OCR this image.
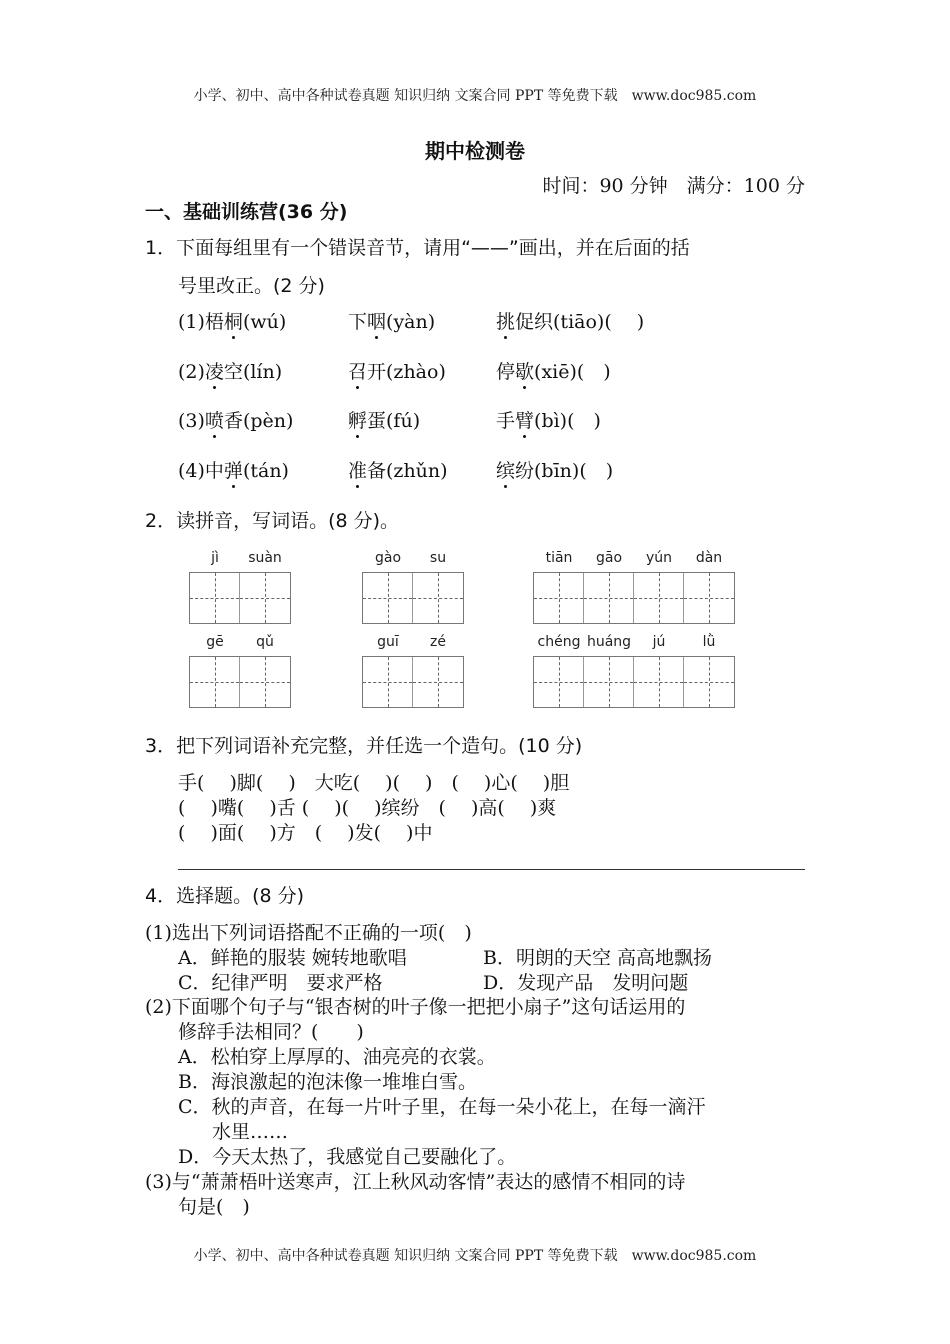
小学、初中、高中各种试卷真题 知识归纳 文案合同 PPT 等免费下载　www.doc985.com
期中检测卷
时间：90 分钟　满分：100 分
一、基础训练营(36 分)
1．下面每组里有一个错误音节，请用“——”画出，并在后面的括
号里改正。(2 分)
(1)梧桐(wú)	下咽(yàn)	挑促织(tiāo)(　 )
(2)凌空(lín)	召开(zhào)	停歇(xiē)(　)
(3)喷香(pèn)	孵蛋(fú)	手臂(bì)(　)
(4)中弹(tán)	准备(zhǔn)	缤纷(bīn)(　)
2．读拼音，写词语。(8 分)。
jì	suàn	gào	su	tiān	gāo	yún	dàn
gē	qǔ	guī	zé	chéng huáng	jú	lǜ
3．把下列词语补充完整，并任选一个造句。(10 分)
手(　 )脚(　 )　大吃(　 )(　 )　(　 )心(　 )胆
(　 )嘴(　 )舌 (　 )(　 )缤纷　(　 )高(　 )爽
(　 )面(　 )方　(　 )发(　 )中
4．选择题。(8 分)
(1)选出下列词语搭配不正确的一项(　)
A．鲜艳的服装 婉转地歌唱	B．明朗的天空 高高地飘扬
C．纪律严明　要求严格	D．发现产品　发明问题
(2)下面哪个句子与“银杏树的叶子像一把把小扇子”这句话运用的
修辞手法相同？(　　)
A．松柏穿上厚厚的、油亮亮的衣裳。
B．海浪激起的泡沫像一堆堆白雪。
C．秋的声音，在每一片叶子里，在每一朵小花上，在每一滴汗
水里……
D．今天太热了，我感觉自己要融化了。
(3)与“萧萧梧叶送寒声，江上秋风动客情”表达的感情不相同的诗
句是(　)
小学、初中、高中各种试卷真题 知识归纳 文案合同 PPT 等免费下载　www.doc985.com
